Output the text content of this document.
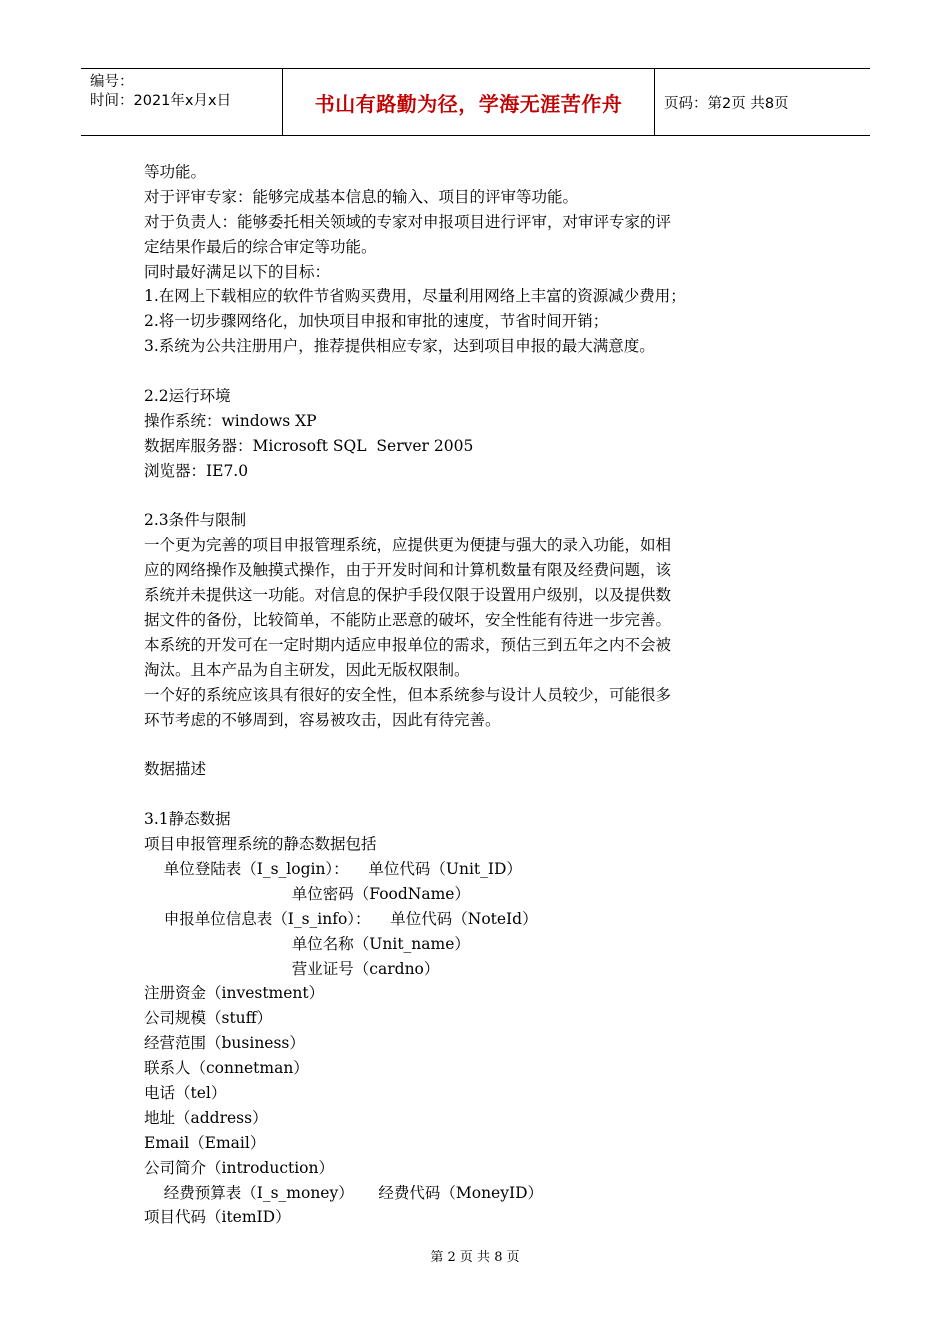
编号：
时间：2021年x月x日	书山有路勤为径，学海无涯苦作舟	页码：第2页 共8页
等功能。
对于评审专家：能够完成基本信息的输入、项目的评审等功能。
对于负责人：能够委托相关领域的专家对申报项目进行评审，对审评专家的评
定结果作最后的综合审定等功能。
同时最好满足以下的目标：
1.在网上下载相应的软件节省购买费用，尽量利用网络上丰富的资源减少费用；
2.将一切步骤网络化，加快项目申报和审批的速度，节省时间开销；
3.系统为公共注册用户，推荐提供相应专家，达到项目申报的最大满意度。
2.2运行环境
操作系统：windows XP
数据库服务器：Microsoft SQL  Server 2005
浏览器：IE7.0
2.3条件与限制
一个更为完善的项目申报管理系统，应提供更为便捷与强大的录入功能，如相
应的网络操作及触摸式操作，由于开发时间和计算机数量有限及经费问题，该
系统并未提供这一功能。对信息的保护手段仅限于设置用户级别，以及提供数
据文件的备份，比较简单，不能防止恶意的破坏，安全性能有待进一步完善。
本系统的开发可在一定时期内适应申报单位的需求，预估三到五年之内不会被
淘汰。且本产品为自主研发，因此无版权限制。
一个好的系统应该具有很好的安全性，但本系统参与设计人员较少，可能很多
环节考虑的不够周到，容易被攻击，因此有待完善。
数据描述
3.1静态数据
项目申报管理系统的静态数据包括
单位登陆表（I_s_login）：    单位代码（Unit_ID）
单位密码（FoodName）
申报单位信息表（I_s_info）：    单位代码（NoteId）
单位名称（Unit_name）
营业证号（cardno）
注册资金（investment）
公司规模（stuff）
经营范围（business）
联系人（connetman）
电话（tel）
地址（address）
Email（Email）
公司简介（introduction）
经费预算表（I_s_money）     经费代码（MoneyID）
项目代码（itemID）
第 2 页 共 8 页
